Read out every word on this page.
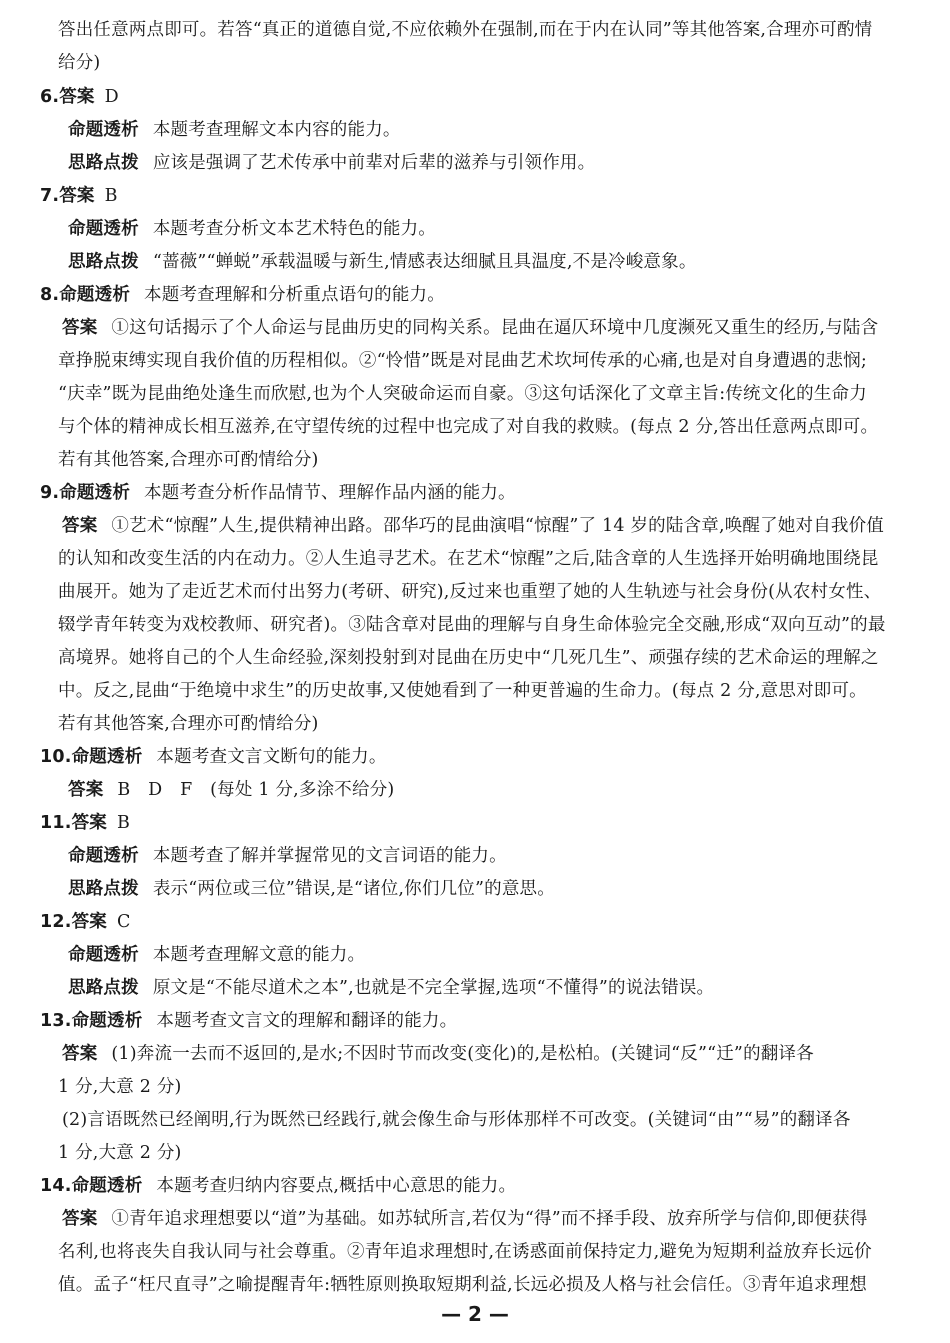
答出任意两点即可。若答“真正的道德自觉,不应依赖外在强制,而在于内在认同”等其他答案,合理亦可酌情
给分)
6.答案 D
命题透析 本题考查理解文本内容的能力。
思路点拨 应该是强调了艺术传承中前辈对后辈的滋养与引领作用。
7.答案 B
命题透析 本题考查分析文本艺术特色的能力。
思路点拨 “蔷薇”“蝉蜕”承载温暖与新生,情感表达细腻且具温度,不是冷峻意象。
8.命题透析 本题考查理解和分析重点语句的能力。
答案 ①这句话揭示了个人命运与昆曲历史的同构关系。昆曲在逼仄环境中几度濒死又重生的经历,与陆含
章挣脱束缚实现自我价值的历程相似。②“怜惜”既是对昆曲艺术坎坷传承的心痛,也是对自身遭遇的悲悯;
“庆幸”既为昆曲绝处逢生而欣慰,也为个人突破命运而自豪。③这句话深化了文章主旨:传统文化的生命力
与个体的精神成长相互滋养,在守望传统的过程中也完成了对自我的救赎。(每点 2 分,答出任意两点即可。
若有其他答案,合理亦可酌情给分)
9.命题透析 本题考查分析作品情节、理解作品内涵的能力。
答案 ①艺术“惊醒”人生,提供精神出路。邵华巧的昆曲演唱“惊醒”了 14 岁的陆含章,唤醒了她对自我价值
的认知和改变生活的内在动力。②人生追寻艺术。在艺术“惊醒”之后,陆含章的人生选择开始明确地围绕昆
曲展开。她为了走近艺术而付出努力(考研、研究),反过来也重塑了她的人生轨迹与社会身份(从农村女性、
辍学青年转变为戏校教师、研究者)。③陆含章对昆曲的理解与自身生命体验完全交融,形成“双向互动”的最
高境界。她将自己的个人生命经验,深刻投射到对昆曲在历史中“几死几生”、顽强存续的艺术命运的理解之
中。反之,昆曲“于绝境中求生”的历史故事,又使她看到了一种更普遍的生命力。(每点 2 分,意思对即可。
若有其他答案,合理亦可酌情给分)
10.命题透析 本题考查文言文断句的能力。
答案 B　D　F　(每处 1 分,多涂不给分)
11.答案 B
命题透析 本题考查了解并掌握常见的文言词语的能力。
思路点拨 表示“两位或三位”错误,是“诸位,你们几位”的意思。
12.答案 C
命题透析 本题考查理解文意的能力。
思路点拨 原文是“不能尽道术之本”,也就是不完全掌握,选项“不懂得”的说法错误。
13.命题透析 本题考查文言文的理解和翻译的能力。
答案 (1)奔流一去而不返回的,是水;不因时节而改变(变化)的,是松柏。(关键词“反”“迁”的翻译各
1 分,大意 2 分)
(2)言语既然已经阐明,行为既然已经践行,就会像生命与形体那样不可改变。(关键词“由”“易”的翻译各
1 分,大意 2 分)
14.命题透析 本题考查归纳内容要点,概括中心意思的能力。
答案 ①青年追求理想要以“道”为基础。如苏轼所言,若仅为“得”而不择手段、放弃所学与信仰,即便获得
名利,也将丧失自我认同与社会尊重。②青年追求理想时,在诱惑面前保持定力,避免为短期利益放弃长远价
值。孟子“枉尺直寻”之喻提醒青年:牺牲原则换取短期利益,长远必损及人格与社会信任。③青年追求理想
— 2 —
